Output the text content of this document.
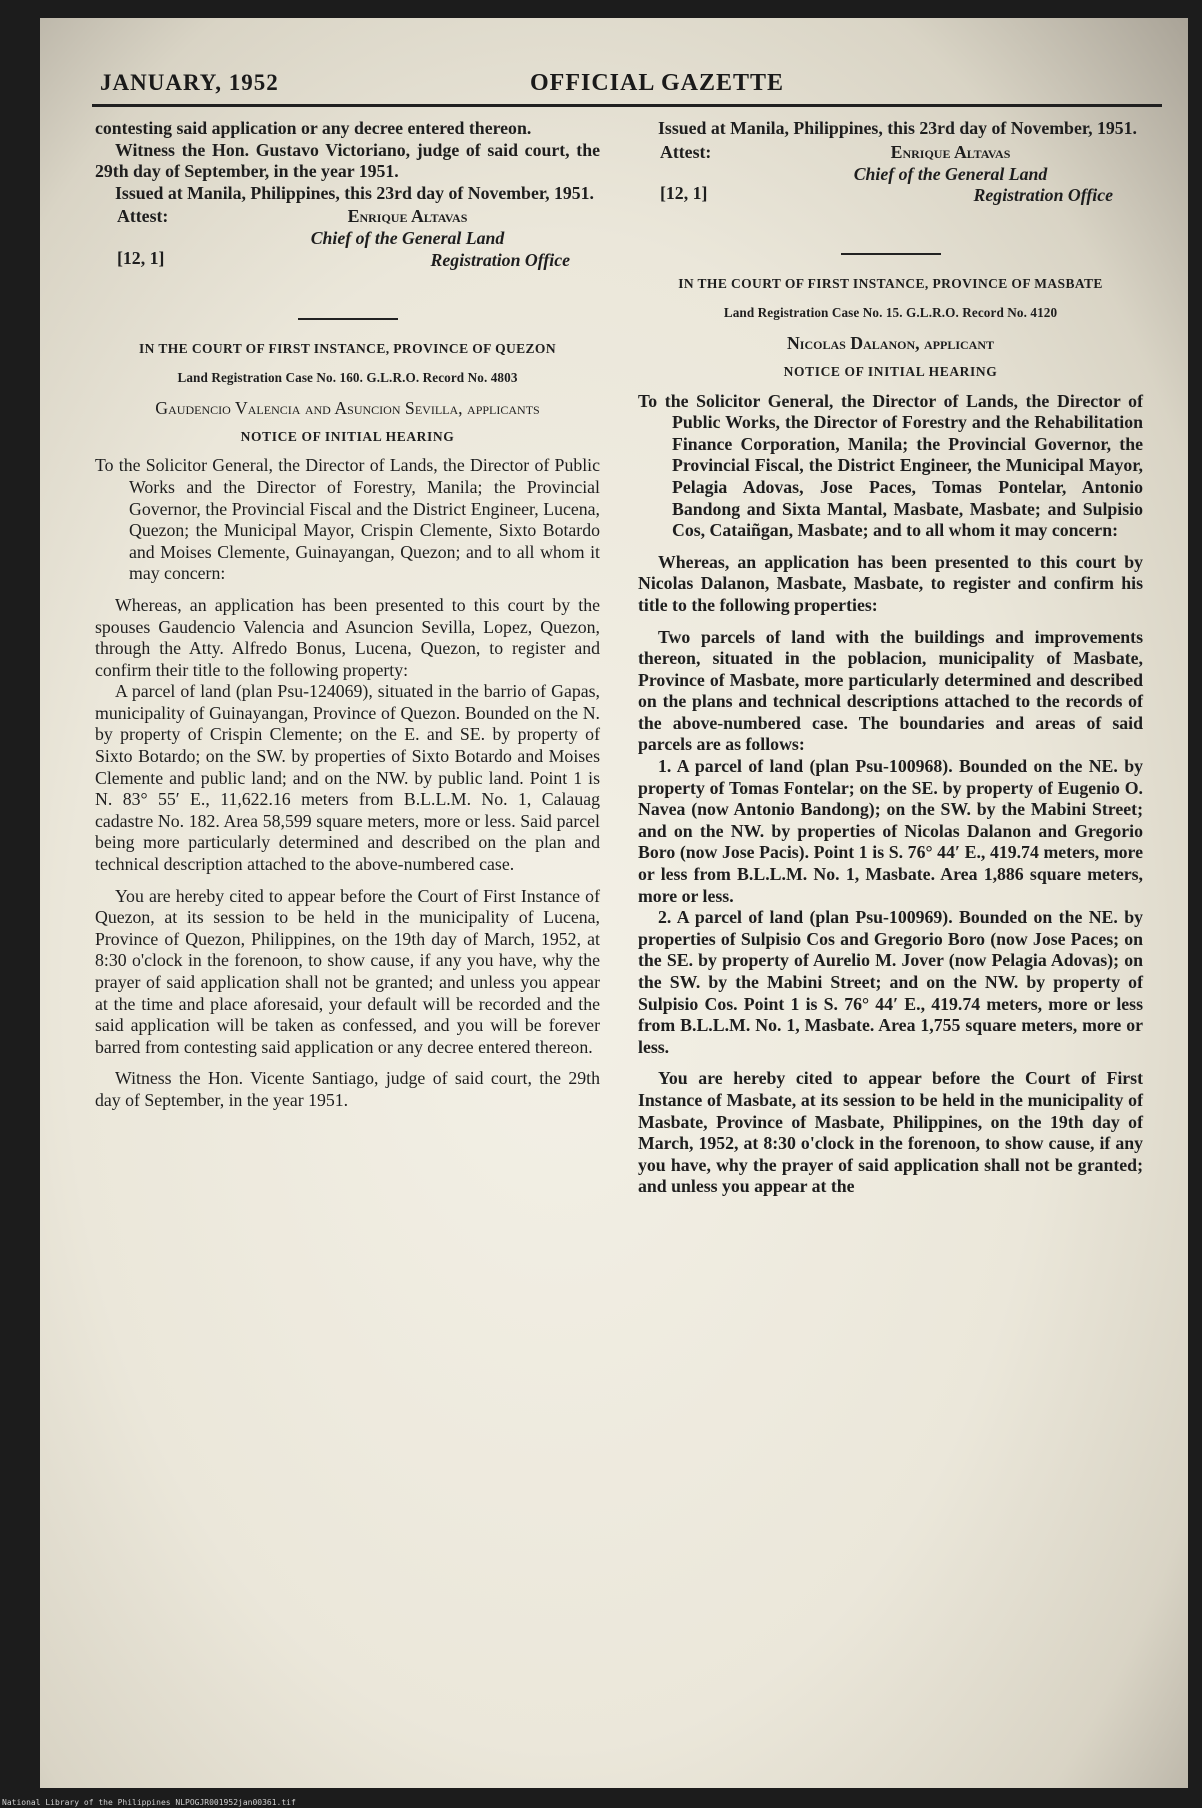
JANUARY, 1952	OFFICIAL GAZETTE

contesting said application or any decree entered thereon.

Witness the Hon. Gustavo Victoriano, judge of said court, the 29th day of September, in the year 1951.

Issued at Manila, Philippines, this 23rd day of November, 1951.

Attest:	Enrique Altavas
Chief of the General Land
Registration Office
[12, 1]
IN THE COURT OF FIRST INSTANCE, PROVINCE OF QUEZON
Land Registration Case No. 160. G.L.R.O. Record No. 4803
Gaudencio Valencia and Asuncion Sevilla, applicants
NOTICE OF INITIAL HEARING

To the Solicitor General, the Director of Lands, the Director of Public Works and the Director of Forestry, Manila; the Provincial Governor, the Provincial Fiscal and the District Engineer, Lucena, Quezon; the Municipal Mayor, Crispin Clemente, Sixto Botardo and Moises Clemente, Guinayangan, Quezon; and to all whom it may concern:

Whereas, an application has been presented to this court by the spouses Gaudencio Valencia and Asuncion Sevilla, Lopez, Quezon, through the Atty. Alfredo Bonus, Lucena, Quezon, to register and confirm their title to the following property:

A parcel of land (plan Psu-124069), situated in the barrio of Gapas, municipality of Guinayangan, Province of Quezon. Bounded on the N. by property of Crispin Clemente; on the E. and SE. by property of Sixto Botardo; on the SW. by properties of Sixto Botardo and Moises Clemente and public land; and on the NW. by public land. Point 1 is N. 83° 55′ E., 11,622.16 meters from B.L.L.M. No. 1, Calauag cadastre No. 182. Area 58,599 square meters, more or less. Said parcel being more particularly determined and described on the plan and technical description attached to the above-numbered case.

You are hereby cited to appear before the Court of First Instance of Quezon, at its session to be held in the municipality of Lucena, Province of Quezon, Philippines, on the 19th day of March, 1952, at 8:30 o'clock in the forenoon, to show cause, if any you have, why the prayer of said application shall not be granted; and unless you appear at the time and place aforesaid, your default will be recorded and the said application will be taken as confessed, and you will be forever barred from contesting said application or any decree entered thereon.

Witness the Hon. Vicente Santiago, judge of said court, the 29th day of September, in the year 1951.

Issued at Manila, Philippines, this 23rd day of November, 1951.

Attest:	Enrique Altavas
Chief of the General Land
Registration Office
[12, 1]
IN THE COURT OF FIRST INSTANCE, PROVINCE OF MASBATE
Land Registration Case No. 15. G.L.R.O. Record No. 4120
Nicolas Dalanon, applicant
NOTICE OF INITIAL HEARING

To the Solicitor General, the Director of Lands, the Director of Public Works, the Director of Forestry and the Rehabilitation Finance Corporation, Manila; the Provincial Governor, the Provincial Fiscal, the District Engineer, the Municipal Mayor, Pelagia Adovas, Jose Paces, Tomas Pontelar, Antonio Bandong and Sixta Mantal, Masbate, Masbate; and Sulpisio Cos, Cataiñgan, Masbate; and to all whom it may concern:

Whereas, an application has been presented to this court by Nicolas Dalanon, Masbate, Masbate, to register and confirm his title to the following properties:

Two parcels of land with the buildings and improvements thereon, situated in the poblacion, municipality of Masbate, Province of Masbate, more particularly determined and described on the plans and technical descriptions attached to the records of the above-numbered case. The boundaries and areas of said parcels are as follows:

1. A parcel of land (plan Psu-100968). Bounded on the NE. by property of Tomas Fontelar; on the SE. by property of Eugenio O. Navea (now Antonio Bandong); on the SW. by the Mabini Street; and on the NW. by properties of Nicolas Dalanon and Gregorio Boro (now Jose Pacis). Point 1 is S. 76° 44′ E., 419.74 meters, more or less from B.L.L.M. No. 1, Masbate. Area 1,886 square meters, more or less.

2. A parcel of land (plan Psu-100969). Bounded on the NE. by properties of Sulpisio Cos and Gregorio Boro (now Jose Paces; on the SE. by property of Aurelio M. Jover (now Pelagia Adovas); on the SW. by the Mabini Street; and on the NW. by property of Sulpisio Cos. Point 1 is S. 76° 44′ E., 419.74 meters, more or less from B.L.L.M. No. 1, Masbate. Area 1,755 square meters, more or less.

You are hereby cited to appear before the Court of First Instance of Masbate, at its session to be held in the municipality of Masbate, Province of Masbate, Philippines, on the 19th day of March, 1952, at 8:30 o'clock in the forenoon, to show cause, if any you have, why the prayer of said application shall not be granted; and unless you appear at the

National Library of the Philippines NLPOGJR001952jan00361.tif
